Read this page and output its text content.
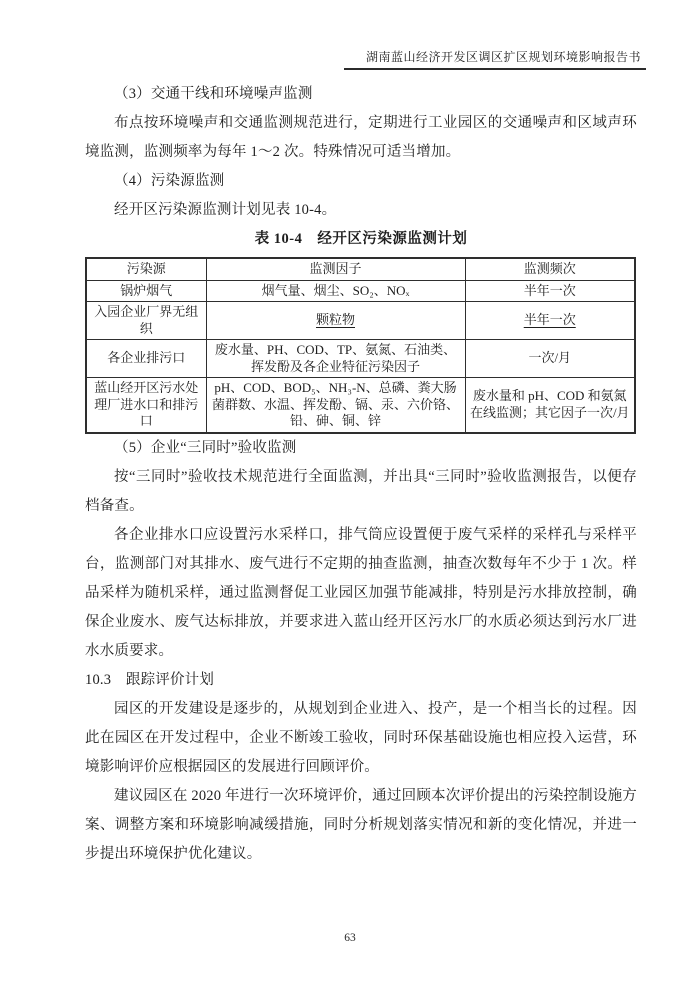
湖南蓝山经济开发区调区扩区规划环境影响报告书

（3）交通干线和环境噪声监测

布点按环境噪声和交通监测规范进行，定期进行工业园区的交通噪声和区域声环境监测，监测频率为每年 1～2 次。特殊情况可适当增加。

（4）污染源监测

经开区污染源监测计划见表 10-4。

表 10-4　经开区污染源监测计划
污染源	监测因子	监测频次
锅炉烟气	烟气量、烟尘、SO₂、NOₓ	半年一次
入园企业厂界无组织	颗粒物	半年一次
各企业排污口	废水量、PH、COD、TP、氨氮、石油类、挥发酚及各企业特征污染因子	一次/月
蓝山经开区污水处理厂进水口和排污口	pH、COD、BOD₅、NH₃-N、总磷、粪大肠菌群数、水温、挥发酚、镉、汞、六价铬、铅、砷、铜、锌	废水量和 pH、COD 和氨氮在线监测；其它因子一次/月

（5）企业“三同时”验收监测

按“三同时”验收技术规范进行全面监测，并出具“三同时”验收监测报告，以便存档备查。

各企业排水口应设置污水采样口，排气筒应设置便于废气采样的采样孔与采样平台，监测部门对其排水、废气进行不定期的抽查监测，抽查次数每年不少于 1 次。样品采样为随机采样，通过监测督促工业园区加强节能减排，特别是污水排放控制，确保企业废水、废气达标排放，并要求进入蓝山经开区污水厂的水质必须达到污水厂进水水质要求。

10.3　跟踪评价计划

园区的开发建设是逐步的，从规划到企业进入、投产，是一个相当长的过程。因此在园区在开发过程中，企业不断竣工验收，同时环保基础设施也相应投入运营，环境影响评价应根据园区的发展进行回顾评价。

建议园区在 2020 年进行一次环境评价，通过回顾本次评价提出的污染控制设施方案、调整方案和环境影响减缓措施，同时分析规划落实情况和新的变化情况，并进一步提出环境保护优化建议。

63
